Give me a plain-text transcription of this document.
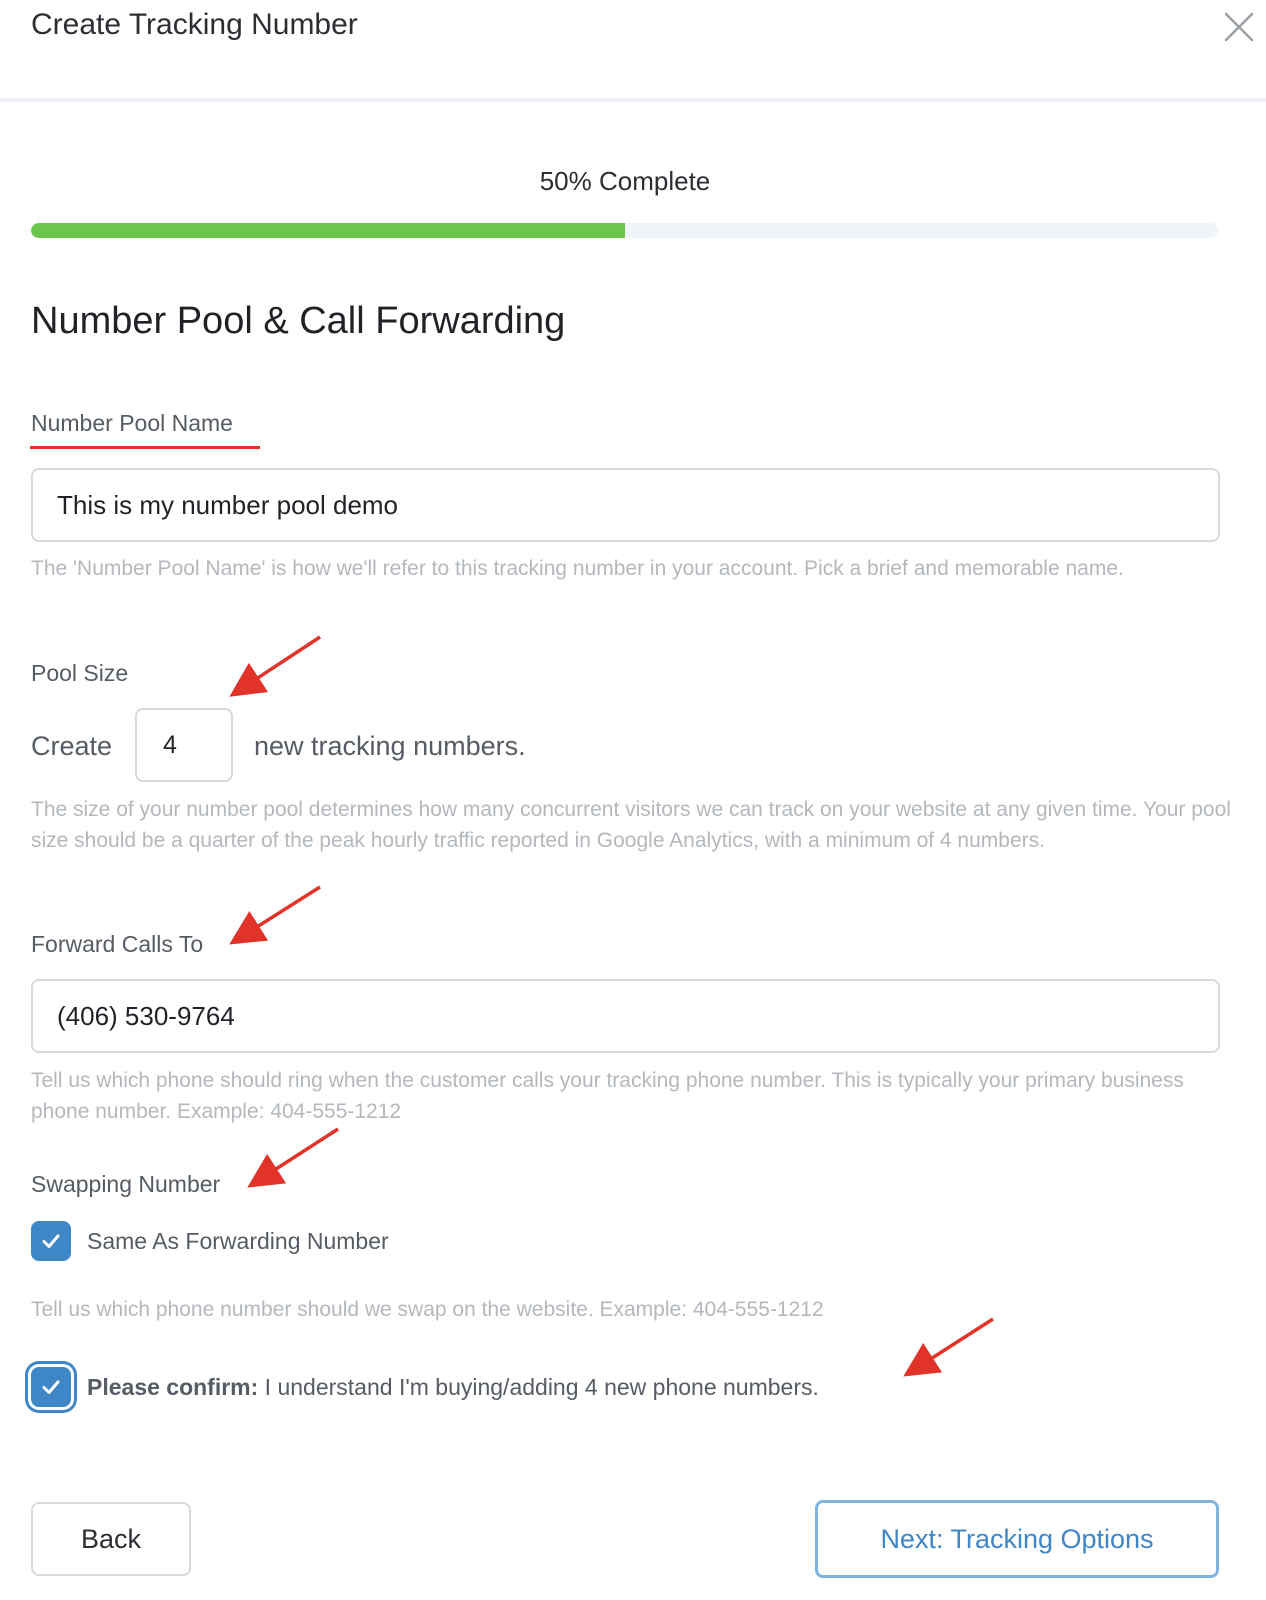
Create Tracking Number
50% Complete
Number Pool & Call Forwarding
Number Pool Name
This is my number pool demo
The 'Number Pool Name' is how we'll refer to this tracking number in your account. Pick a brief and memorable name.
Pool Size
Create	4	new tracking numbers.
The size of your number pool determines how many concurrent visitors we can track on your website at any given time. Your pool size should be a quarter of the peak hourly traffic reported in Google Analytics, with a minimum of 4 numbers.
Forward Calls To
(406) 530-9764
Tell us which phone should ring when the customer calls your tracking phone number. This is typically your primary business phone number. Example: 404-555-1212
Swapping Number
Same As Forwarding Number
Tell us which phone number should we swap on the website. Example: 404-555-1212
Please confirm: I understand I'm buying/adding 4 new phone numbers.
Back	Next: Tracking Options
